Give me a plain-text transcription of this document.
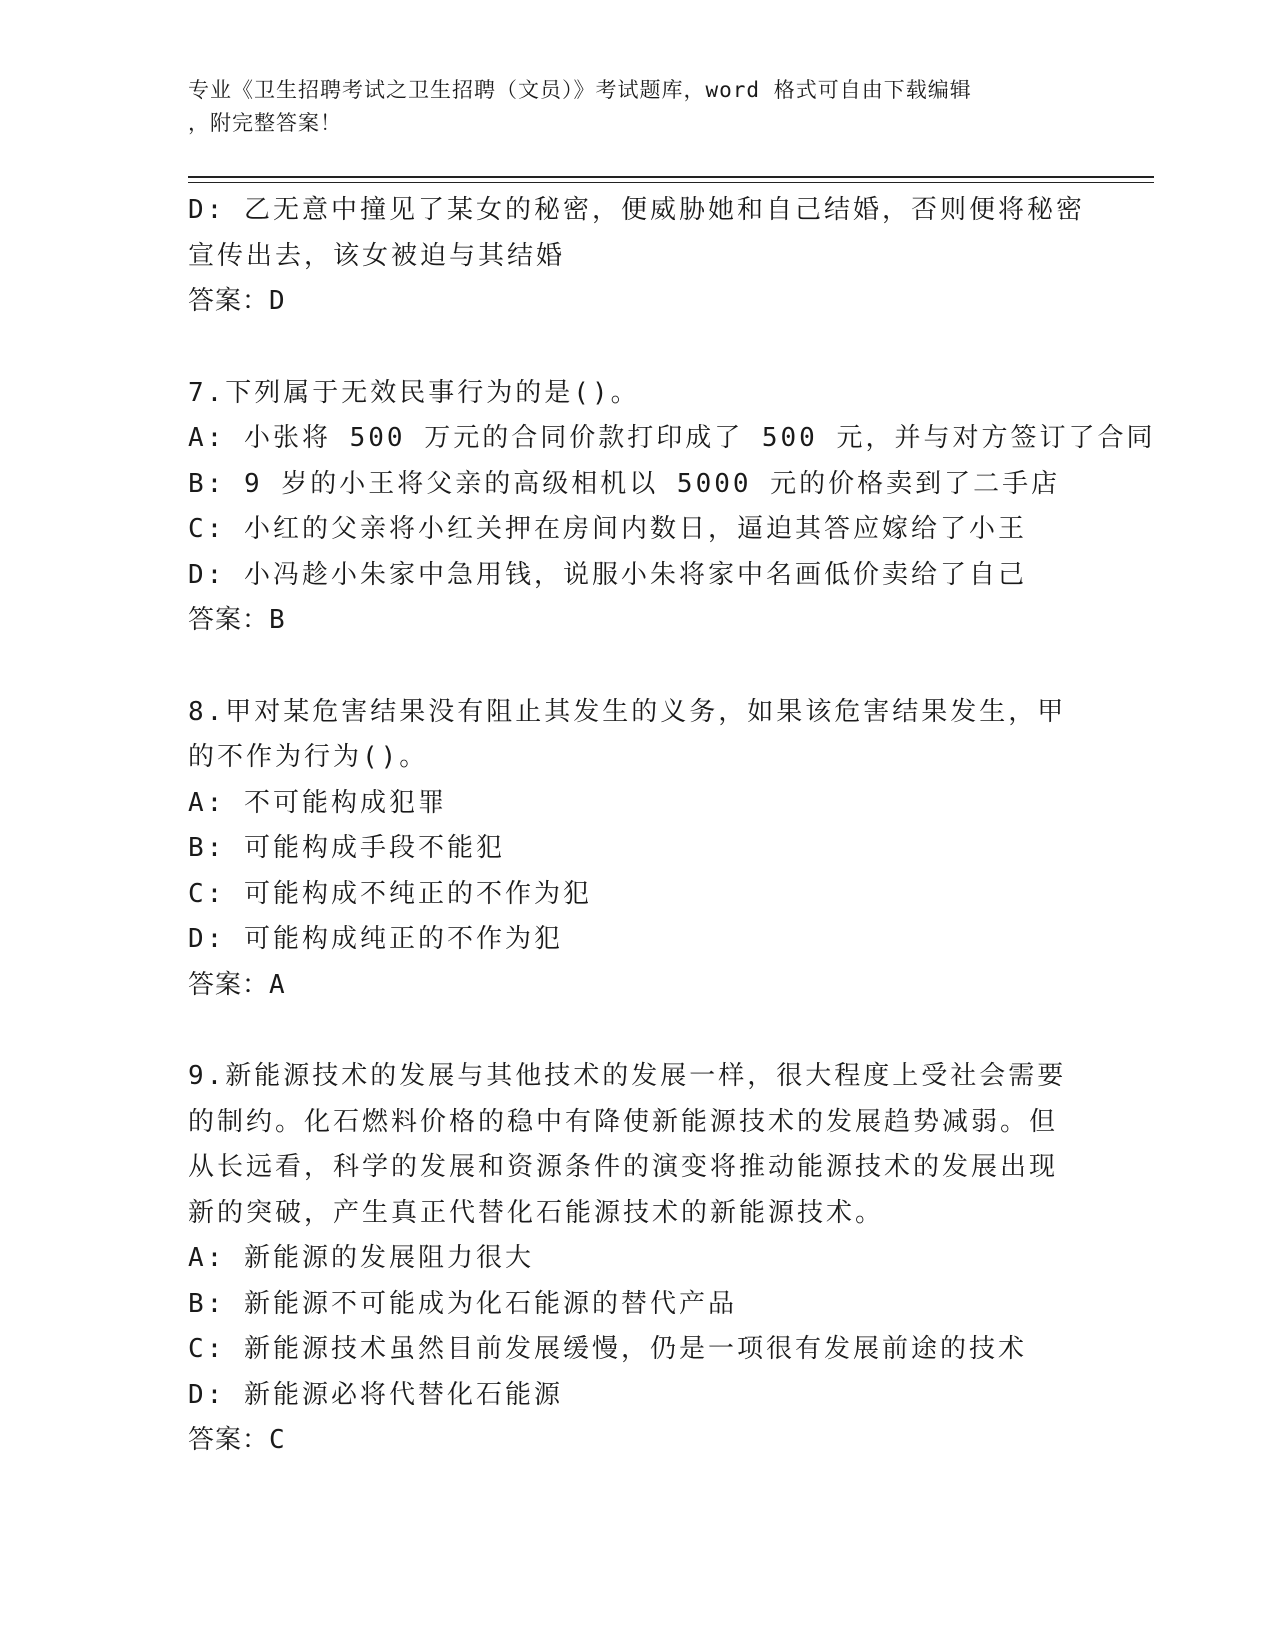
专业《卫生招聘考试之卫生招聘（文员）》考试题库，word 格式可自由下载编辑
，附完整答案！
D: 乙无意中撞见了某女的秘密，便威胁她和自己结婚，否则便将秘密
宣传出去，该女被迫与其结婚
答案：D
7.下列属于无效民事行为的是()。
A: 小张将 500 万元的合同价款打印成了 500 元，并与对方签订了合同
B: 9 岁的小王将父亲的高级相机以 5000 元的价格卖到了二手店
C: 小红的父亲将小红关押在房间内数日，逼迫其答应嫁给了小王
D: 小冯趁小朱家中急用钱，说服小朱将家中名画低价卖给了自己
答案：B
8.甲对某危害结果没有阻止其发生的义务，如果该危害结果发生，甲
的不作为行为()。
A: 不可能构成犯罪
B: 可能构成手段不能犯
C: 可能构成不纯正的不作为犯
D: 可能构成纯正的不作为犯
答案：A
9.新能源技术的发展与其他技术的发展一样，很大程度上受社会需要
的制约。化石燃料价格的稳中有降使新能源技术的发展趋势减弱。但
从长远看，科学的发展和资源条件的演变将推动能源技术的发展出现
新的突破，产生真正代替化石能源技术的新能源技术。
A: 新能源的发展阻力很大
B: 新能源不可能成为化石能源的替代产品
C: 新能源技术虽然目前发展缓慢，仍是一项很有发展前途的技术
D: 新能源必将代替化石能源
答案：C
